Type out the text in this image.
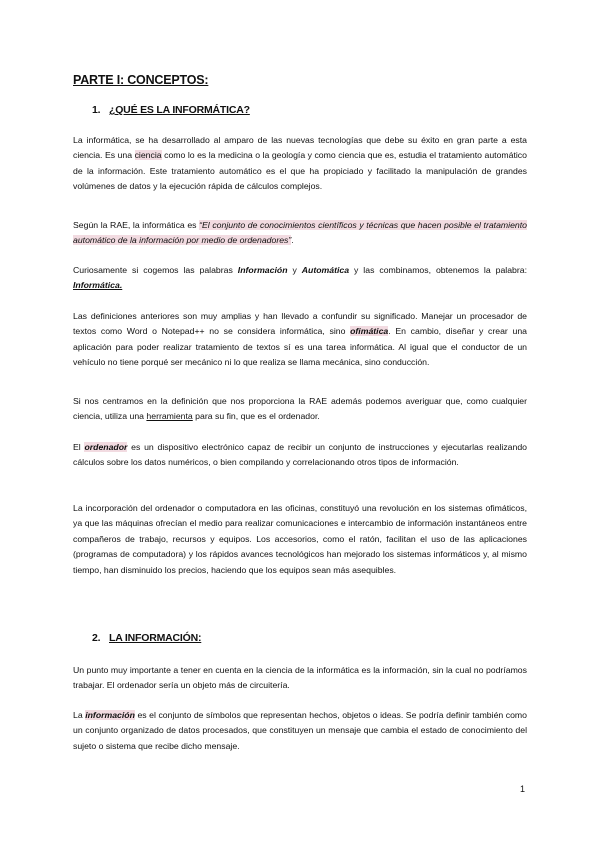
PARTE I: CONCEPTOS:
1. ¿QUÉ ES LA INFORMÁTICA?

La informática, se ha desarrollado al amparo de las nuevas tecnologías que debe su éxito en gran parte a esta ciencia. Es una ciencia como lo es la medicina o la geología y como ciencia que es, estudia el tratamiento automático de la información. Este tratamiento automático es el que ha propiciado y facilitado la manipulación de grandes volúmenes de datos y la ejecución rápida de cálculos complejos.

Según la RAE, la informática es “El conjunto de conocimientos científicos y técnicas que hacen posible el tratamiento automático de la información por medio de ordenadores”.

Curiosamente si cogemos las palabras Información y Automática y las combinamos, obtenemos la palabra: Informática.

Las definiciones anteriores son muy amplias y han llevado a confundir su significado. Manejar un procesador de textos como Word o Notepad++ no se considera informática, sino ofimática. En cambio, diseñar y crear una aplicación para poder realizar tratamiento de textos sí es una tarea informática. Al igual que el conductor de un vehículo no tiene porqué ser mecánico ni lo que realiza se llama mecánica, sino conducción.

Si nos centramos en la definición que nos proporciona la RAE además podemos averiguar que, como cualquier ciencia, utiliza una herramienta para su fin, que es el ordenador.

El ordenador es un dispositivo electrónico capaz de recibir un conjunto de instrucciones y ejecutarlas realizando cálculos sobre los datos numéricos, o bien compilando y correlacionando otros tipos de información.

La incorporación del ordenador o computadora en las oficinas, constituyó una revolución en los sistemas ofimáticos, ya que las máquinas ofrecían el medio para realizar comunicaciones e intercambio de información instantáneos entre compañeros de trabajo, recursos y equipos. Los accesorios, como el ratón, facilitan el uso de las aplicaciones (programas de computadora) y los rápidos avances tecnológicos han mejorado los sistemas informáticos y, al mismo tiempo, han disminuido los precios, haciendo que los equipos sean más asequibles.

2. LA INFORMACIÓN:

Un punto muy importante a tener en cuenta en la ciencia de la informática es la información, sin la cual no podríamos trabajar. El ordenador sería un objeto más de circuitería.

La información es el conjunto de símbolos que representan hechos, objetos o ideas. Se podría definir también como un conjunto organizado de datos procesados, que constituyen un mensaje que cambia el estado de conocimiento del sujeto o sistema que recibe dicho mensaje.

1
